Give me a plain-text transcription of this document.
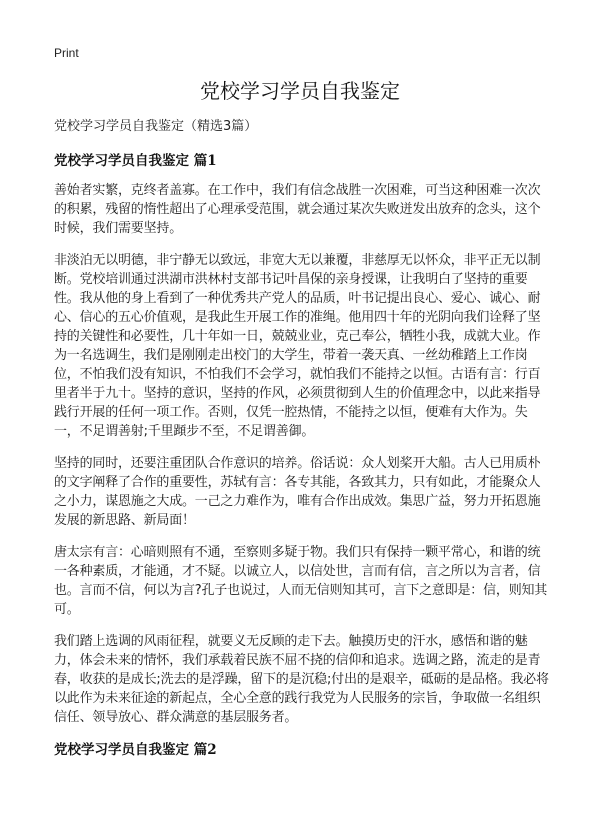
Print
党校学习学员自我鉴定

党校学习学员自我鉴定（精选3篇）

党校学习学员自我鉴定 篇1

善始者实繁，克终者盖寡。在工作中，我们有信念战胜一次困难，可当这种困难一次次的积累，残留的惰性超出了心理承受范围，就会通过某次失败迸发出放弃的念头，这个时候，我们需要坚持。

非淡泊无以明德，非宁静无以致远，非宽大无以兼覆，非慈厚无以怀众，非平正无以制断。党校培训通过洪湖市洪林村支部书记叶昌保的亲身授课，让我明白了坚持的重要性。我从他的身上看到了一种优秀共产党人的品质，叶书记提出良心、爱心、诚心、耐心、信心的五心价值观，是我此生开展工作的准绳。他用四十年的光阴向我们诠释了坚持的关键性和必要性，几十年如一日，兢兢业业，克己奉公，牺牲小我，成就大业。作为一名选调生，我们是刚刚走出校门的大学生，带着一袭天真、一丝幼稚踏上工作岗位，不怕我们没有知识，不怕我们不会学习，就怕我们不能持之以恒。古语有言：行百里者半于九十。坚持的意识，坚持的作风，必须贯彻到人生的价值理念中，以此来指导践行开展的任何一项工作。否则，仅凭一腔热情，不能持之以恒，便难有大作为。失一，不足谓善射;千里蹞步不至，不足谓善御。

坚持的同时，还要注重团队合作意识的培养。俗话说：众人划桨开大船。古人已用质朴的文字阐释了合作的重要性，苏轼有言：各专其能，各致其力，只有如此，才能聚众人之小力，谋恩施之大成。一己之力难作为，唯有合作出成效。集思广益，努力开拓恩施发展的新思路、新局面！

唐太宗有言：心暗则照有不通，至察则多疑于物。我们只有保持一颗平常心，和谐的统一各种素质，才能通，才不疑。以诚立人，以信处世，言而有信，言之所以为言者，信也。言而不信，何以为言?孔子也说过，人而无信则知其可，言下之意即是：信，则知其可。

我们踏上选调的风雨征程，就要义无反顾的走下去。触摸历史的汗水，感悟和谐的魅力，体会未来的情怀，我们承载着民族不屈不挠的信仰和追求。选调之路，流走的是青春，收获的是成长;洗去的是浮躁，留下的是沉稳;付出的是艰辛，砥砺的是品格。我必将以此作为未来征途的新起点，全心全意的践行我党为人民服务的宗旨，争取做一名组织信任、领导放心、群众满意的基层服务者。

党校学习学员自我鉴定 篇2
